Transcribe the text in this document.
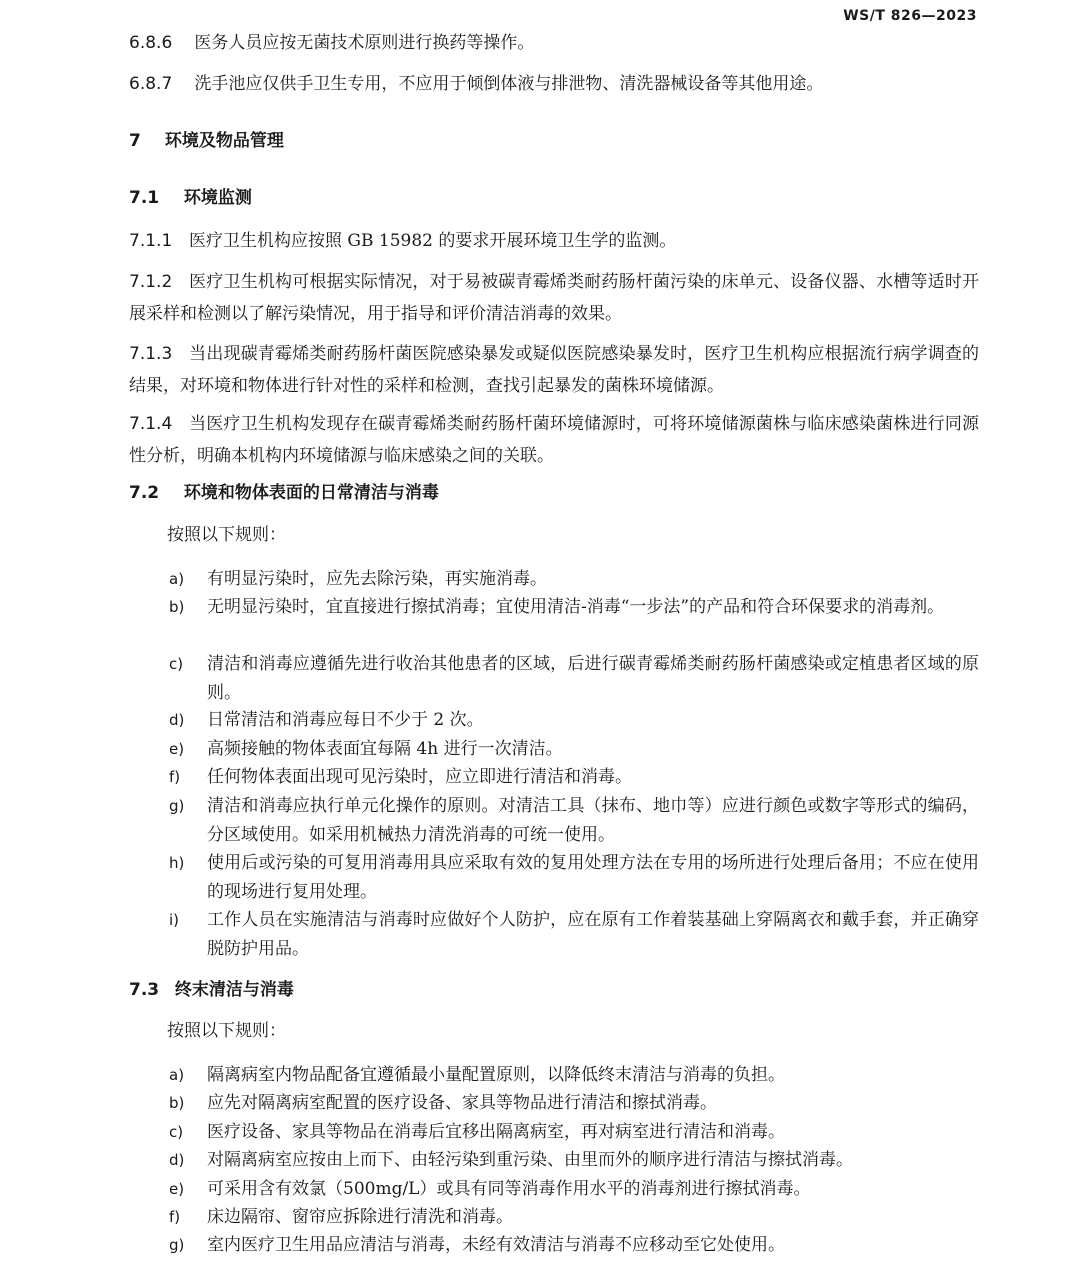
WS/T 826—2023
6.8.6 医务人员应按无菌技术原则进行换药等操作。
6.8.7 洗手池应仅供手卫生专用，不应用于倾倒体液与排泄物、清洗器械设备等其他用途。
7 环境及物品管理
7.1 环境监测
7.1.1 医疗卫生机构应按照 GB 15982 的要求开展环境卫生学的监测。
7.1.2 医疗卫生机构可根据实际情况，对于易被碳青霉烯类耐药肠杆菌污染的床单元、设备仪器、水槽等适时开展采样和检测以了解污染情况，用于指导和评价清洁消毒的效果。
7.1.3 当出现碳青霉烯类耐药肠杆菌医院感染暴发或疑似医院感染暴发时，医疗卫生机构应根据流行病学调查的结果，对环境和物体进行针对性的采样和检测，查找引起暴发的菌株环境储源。
7.1.4 当医疗卫生机构发现存在碳青霉烯类耐药肠杆菌环境储源时，可将环境储源菌株与临床感染菌株进行同源性分析，明确本机构内环境储源与临床感染之间的关联。
7.2 环境和物体表面的日常清洁与消毒
按照以下规则：
a) 有明显污染时，应先去除污染，再实施消毒。
b) 无明显污染时，宜直接进行擦拭消毒；宜使用清洁-消毒“一步法”的产品和符合环保要求的消毒剂。
c) 清洁和消毒应遵循先进行收治其他患者的区域，后进行碳青霉烯类耐药肠杆菌感染或定植患者区域的原则。
d) 日常清洁和消毒应每日不少于 2 次。
e) 高频接触的物体表面宜每隔 4h 进行一次清洁。
f) 任何物体表面出现可见污染时，应立即进行清洁和消毒。
g) 清洁和消毒应执行单元化操作的原则。对清洁工具（抹布、地巾等）应进行颜色或数字等形式的编码，分区域使用。如采用机械热力清洗消毒的可统一使用。
h) 使用后或污染的可复用消毒用具应采取有效的复用处理方法在专用的场所进行处理后备用；不应在使用的现场进行复用处理。
i) 工作人员在实施清洁与消毒时应做好个人防护，应在原有工作着装基础上穿隔离衣和戴手套，并正确穿脱防护用品。
7.3 终末清洁与消毒
按照以下规则：
a) 隔离病室内物品配备宜遵循最小量配置原则，以降低终末清洁与消毒的负担。
b) 应先对隔离病室配置的医疗设备、家具等物品进行清洁和擦拭消毒。
c) 医疗设备、家具等物品在消毒后宜移出隔离病室，再对病室进行清洁和消毒。
d) 对隔离病室应按由上而下、由轻污染到重污染、由里而外的顺序进行清洁与擦拭消毒。
e) 可采用含有效氯（500mg/L）或具有同等消毒作用水平的消毒剂进行擦拭消毒。
f) 床边隔帘、窗帘应拆除进行清洗和消毒。
g) 室内医疗卫生用品应清洁与消毒，未经有效清洁与消毒不应移动至它处使用。
